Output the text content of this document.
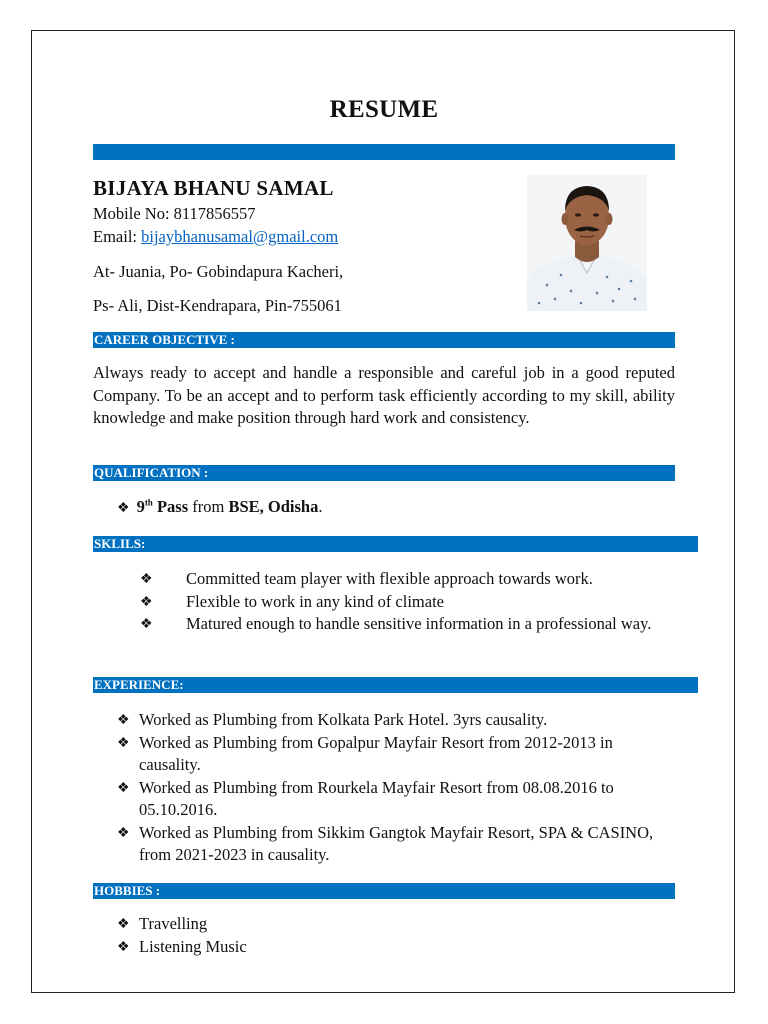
RESUME
BIJAYA BHANU SAMAL
Mobile No: 8117856557
Email: bijaybhanusamal@gmail.com
At- Juania, Po- Gobindapura Kacheri,
Ps- Ali, Dist-Kendrapara, Pin-755061
CAREER OBJECTIVE :
Always ready to accept and handle a responsible and careful job in a good reputed Company. To be an accept and to perform task efficiently according to my skill, ability knowledge and make position through hard work and consistency.
QUALIFICATION :
❖ 9th Pass from BSE, Odisha.
SKLILS:
❖ Committed team player with flexible approach towards work.
❖ Flexible to work in any kind of climate
❖ Matured enough to handle sensitive information in a professional way.
EXPERIENCE:
❖ Worked as Plumbing from Kolkata Park Hotel. 3yrs causality.
❖ Worked as Plumbing from Gopalpur Mayfair Resort from 2012-2013 in causality.
❖ Worked as Plumbing from Rourkela Mayfair Resort from 08.08.2016 to 05.10.2016.
❖ Worked as Plumbing from Sikkim Gangtok Mayfair Resort, SPA & CASINO, from 2021-2023 in causality.
HOBBIES :
❖ Travelling
❖ Listening Music
